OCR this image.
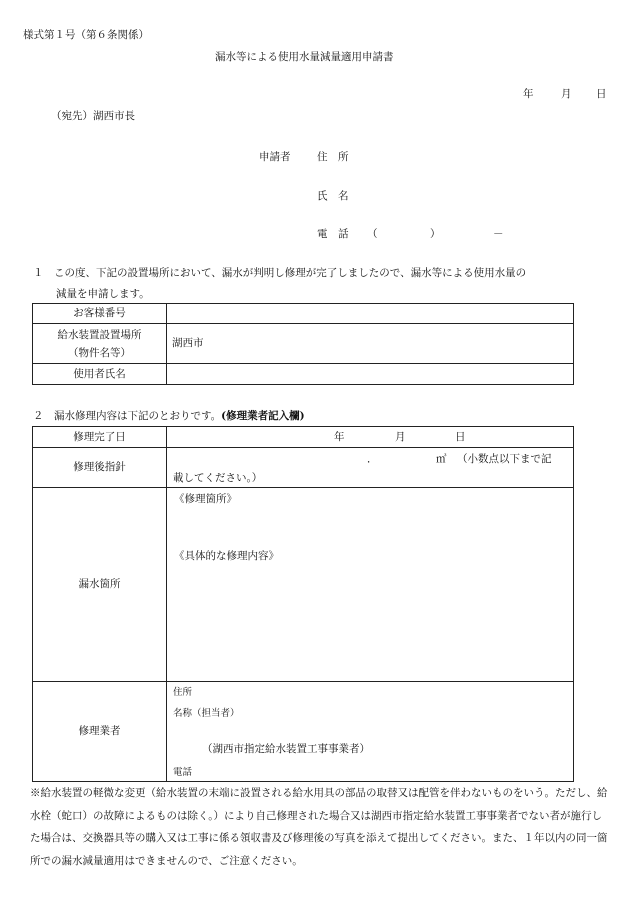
様式第１号（第６条関係）
漏水等による使用水量減量適用申請書
年	月 日
（宛先）湖西市長
申請者	住　所
氏　名
電　話 （	）	－
１　この度、下記の設置場所において、漏水が判明し修理が完了しましたので、漏水等による使用水量の
減量を申請します。
お客様番号	
給水装置設置場所
（物件名等）	湖西市
使用者氏名	
２　漏水修理内容は下記のとおりです。(修理業者記入欄)
修理完了日	年 月 日

修理後指針	． ㎥ （小数点以下まで記
載してください。）

漏水箇所	《修理箇所》
《具体的な修理内容》

修理業者	住所
名称（担当者）
（湖西市指定給水装置工事事業者）
電話
※給水装置の軽微な変更（給水装置の末端に設置される給水用具の部品の取替又は配管を伴わないものをいう。ただし、給水栓（蛇口）の故障によるものは除く。）により自己修理された場合又は湖西市指定給水装置工事事業者でない者が施行した場合は、交換器具等の購入又は工事に係る領収書及び修理後の写真を添えて提出してください。また、１年以内の同一箇所での漏水減量適用はできませんので、ご注意ください。
